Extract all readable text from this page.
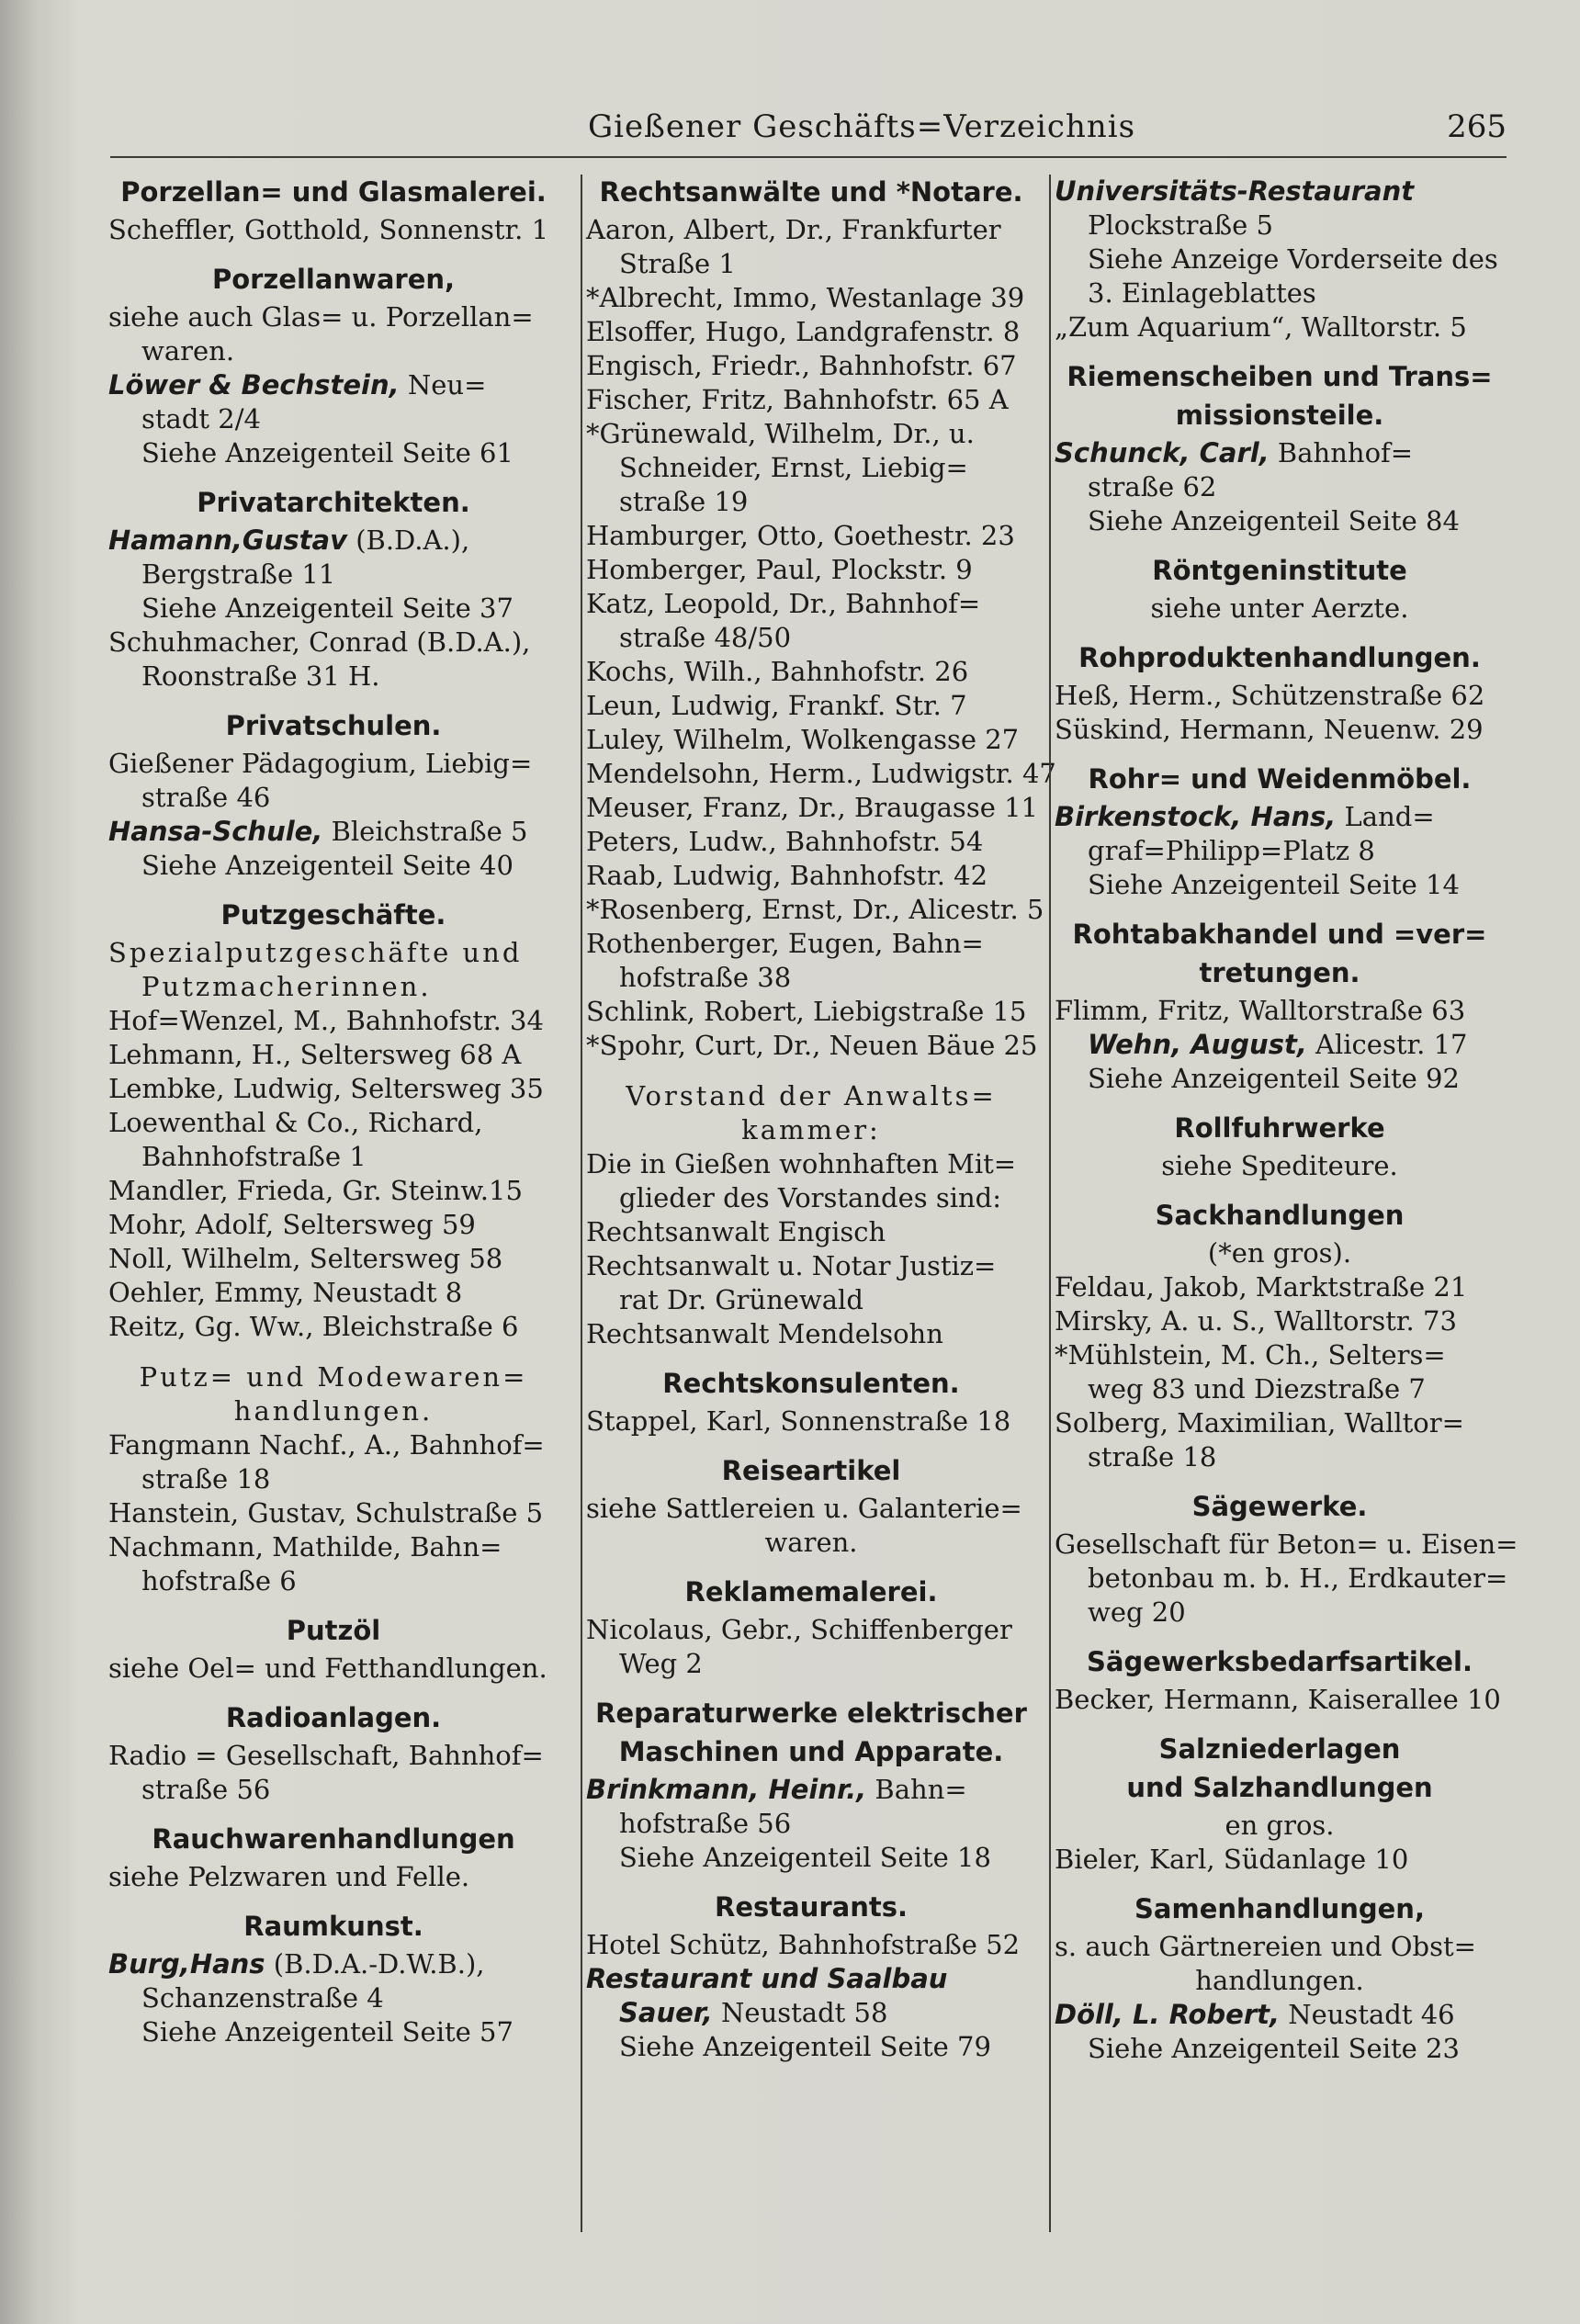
Gießener Geschäfts=Verzeichnis	265
Porzellan= und Glasmalerei.
Scheffler, Gotthold, Sonnenstr. 1
Porzellanwaren,
siehe auch Glas= u. Porzellan=
waren.
Löwer & Bechstein, Neu=
stadt 2/4
Siehe Anzeigenteil Seite 61
Privatarchitekten.
Hamann,Gustav (B.D.A.),
Bergstraße 11
Siehe Anzeigenteil Seite 37
Schuhmacher, Conrad (B.D.A.),
Roonstraße 31 H.
Privatschulen.
Gießener Pädagogium, Liebig=
straße 46
Hansa-Schule, Bleichstraße 5
Siehe Anzeigenteil Seite 40
Putzgeschäfte.
Spezialputzgeschäfte und
Putzmacherinnen.
Hof=Wenzel, M., Bahnhofstr. 34
Lehmann, H., Seltersweg 68 A
Lembke, Ludwig, Seltersweg 35
Loewenthal & Co., Richard,
Bahnhofstraße 1
Mandler, Frieda, Gr. Steinw.15
Mohr, Adolf, Seltersweg 59
Noll, Wilhelm, Seltersweg 58
Oehler, Emmy, Neustadt 8
Reitz, Gg. Ww., Bleichstraße 6
Putz= und Modewaren=
handlungen.
Fangmann Nachf., A., Bahnhof=
straße 18
Hanstein, Gustav, Schulstraße 5
Nachmann, Mathilde, Bahn=
hofstraße 6
Putzöl
siehe Oel= und Fetthandlungen.
Radioanlagen.
Radio = Gesellschaft, Bahnhof=
straße 56
Rauchwarenhandlungen
siehe Pelzwaren und Felle.
Raumkunst.
Burg,Hans (B.D.A.-D.W.B.),
Schanzenstraße 4
Siehe Anzeigenteil Seite 57
Rechtsanwälte und *Notare.
Aaron, Albert, Dr., Frankfurter
Straße 1
*Albrecht, Immo, Westanlage 39
Elsoffer, Hugo, Landgrafenstr. 8
Engisch, Friedr., Bahnhofstr. 67
Fischer, Fritz, Bahnhofstr. 65 A
*Grünewald, Wilhelm, Dr., u.
Schneider, Ernst, Liebig=
straße 19
Hamburger, Otto, Goethestr. 23
Homberger, Paul, Plockstr. 9
Katz, Leopold, Dr., Bahnhof=
straße 48/50
Kochs, Wilh., Bahnhofstr. 26
Leun, Ludwig, Frankf. Str. 7
Luley, Wilhelm, Wolkengasse 27
Mendelsohn, Herm., Ludwigstr. 47
Meuser, Franz, Dr., Braugasse 11
Peters, Ludw., Bahnhofstr. 54
Raab, Ludwig, Bahnhofstr. 42
*Rosenberg, Ernst, Dr., Alicestr. 5
Rothenberger, Eugen, Bahn=
hofstraße 38
Schlink, Robert, Liebigstraße 15
*Spohr, Curt, Dr., Neuen Bäue 25
Vorstand der Anwalts=
kammer:
Die in Gießen wohnhaften Mit=
glieder des Vorstandes sind:
Rechtsanwalt Engisch
Rechtsanwalt u. Notar Justiz=
rat Dr. Grünewald
Rechtsanwalt Mendelsohn
Rechtskonsulenten.
Stappel, Karl, Sonnenstraße 18
Reiseartikel
siehe Sattlereien u. Galanterie=
waren.
Reklamemalerei.
Nicolaus, Gebr., Schiffenberger
Weg 2
Reparaturwerke elektrischer
Maschinen und Apparate.
Brinkmann, Heinr., Bahn=
hofstraße 56
Siehe Anzeigenteil Seite 18
Restaurants.
Hotel Schütz, Bahnhofstraße 52
Restaurant und Saalbau
Sauer, Neustadt 58
Siehe Anzeigenteil Seite 79
Universitäts-Restaurant
Plockstraße 5
Siehe Anzeige Vorderseite des
3. Einlageblattes
„Zum Aquarium“, Walltorstr. 5
Riemenscheiben und Trans=
missionsteile.
Schunck, Carl, Bahnhof=
straße 62
Siehe Anzeigenteil Seite 84
Röntgeninstitute
siehe unter Aerzte.
Rohproduktenhandlungen.
Heß, Herm., Schützenstraße 62
Süskind, Hermann, Neuenw. 29
Rohr= und Weidenmöbel.
Birkenstock, Hans, Land=
graf=Philipp=Platz 8
Siehe Anzeigenteil Seite 14
Rohtabakhandel und =ver=
tretungen.
Flimm, Fritz, Walltorstraße 63
Wehn, August, Alicestr. 17
Siehe Anzeigenteil Seite 92
Rollfuhrwerke
siehe Spediteure.
Sackhandlungen
(*en gros).
Feldau, Jakob, Marktstraße 21
Mirsky, A. u. S., Walltorstr. 73
*Mühlstein, M. Ch., Selters=
weg 83 und Diezstraße 7
Solberg, Maximilian, Walltor=
straße 18
Sägewerke.
Gesellschaft für Beton= u. Eisen=
betonbau m. b. H., Erdkauter=
weg 20
Sägewerksbedarfsartikel.
Becker, Hermann, Kaiserallee 10
Salzniederlagen
und Salzhandlungen
en gros.
Bieler, Karl, Südanlage 10
Samenhandlungen,
s. auch Gärtnereien und Obst=
handlungen.
Döll, L. Robert, Neustadt 46
Siehe Anzeigenteil Seite 23
